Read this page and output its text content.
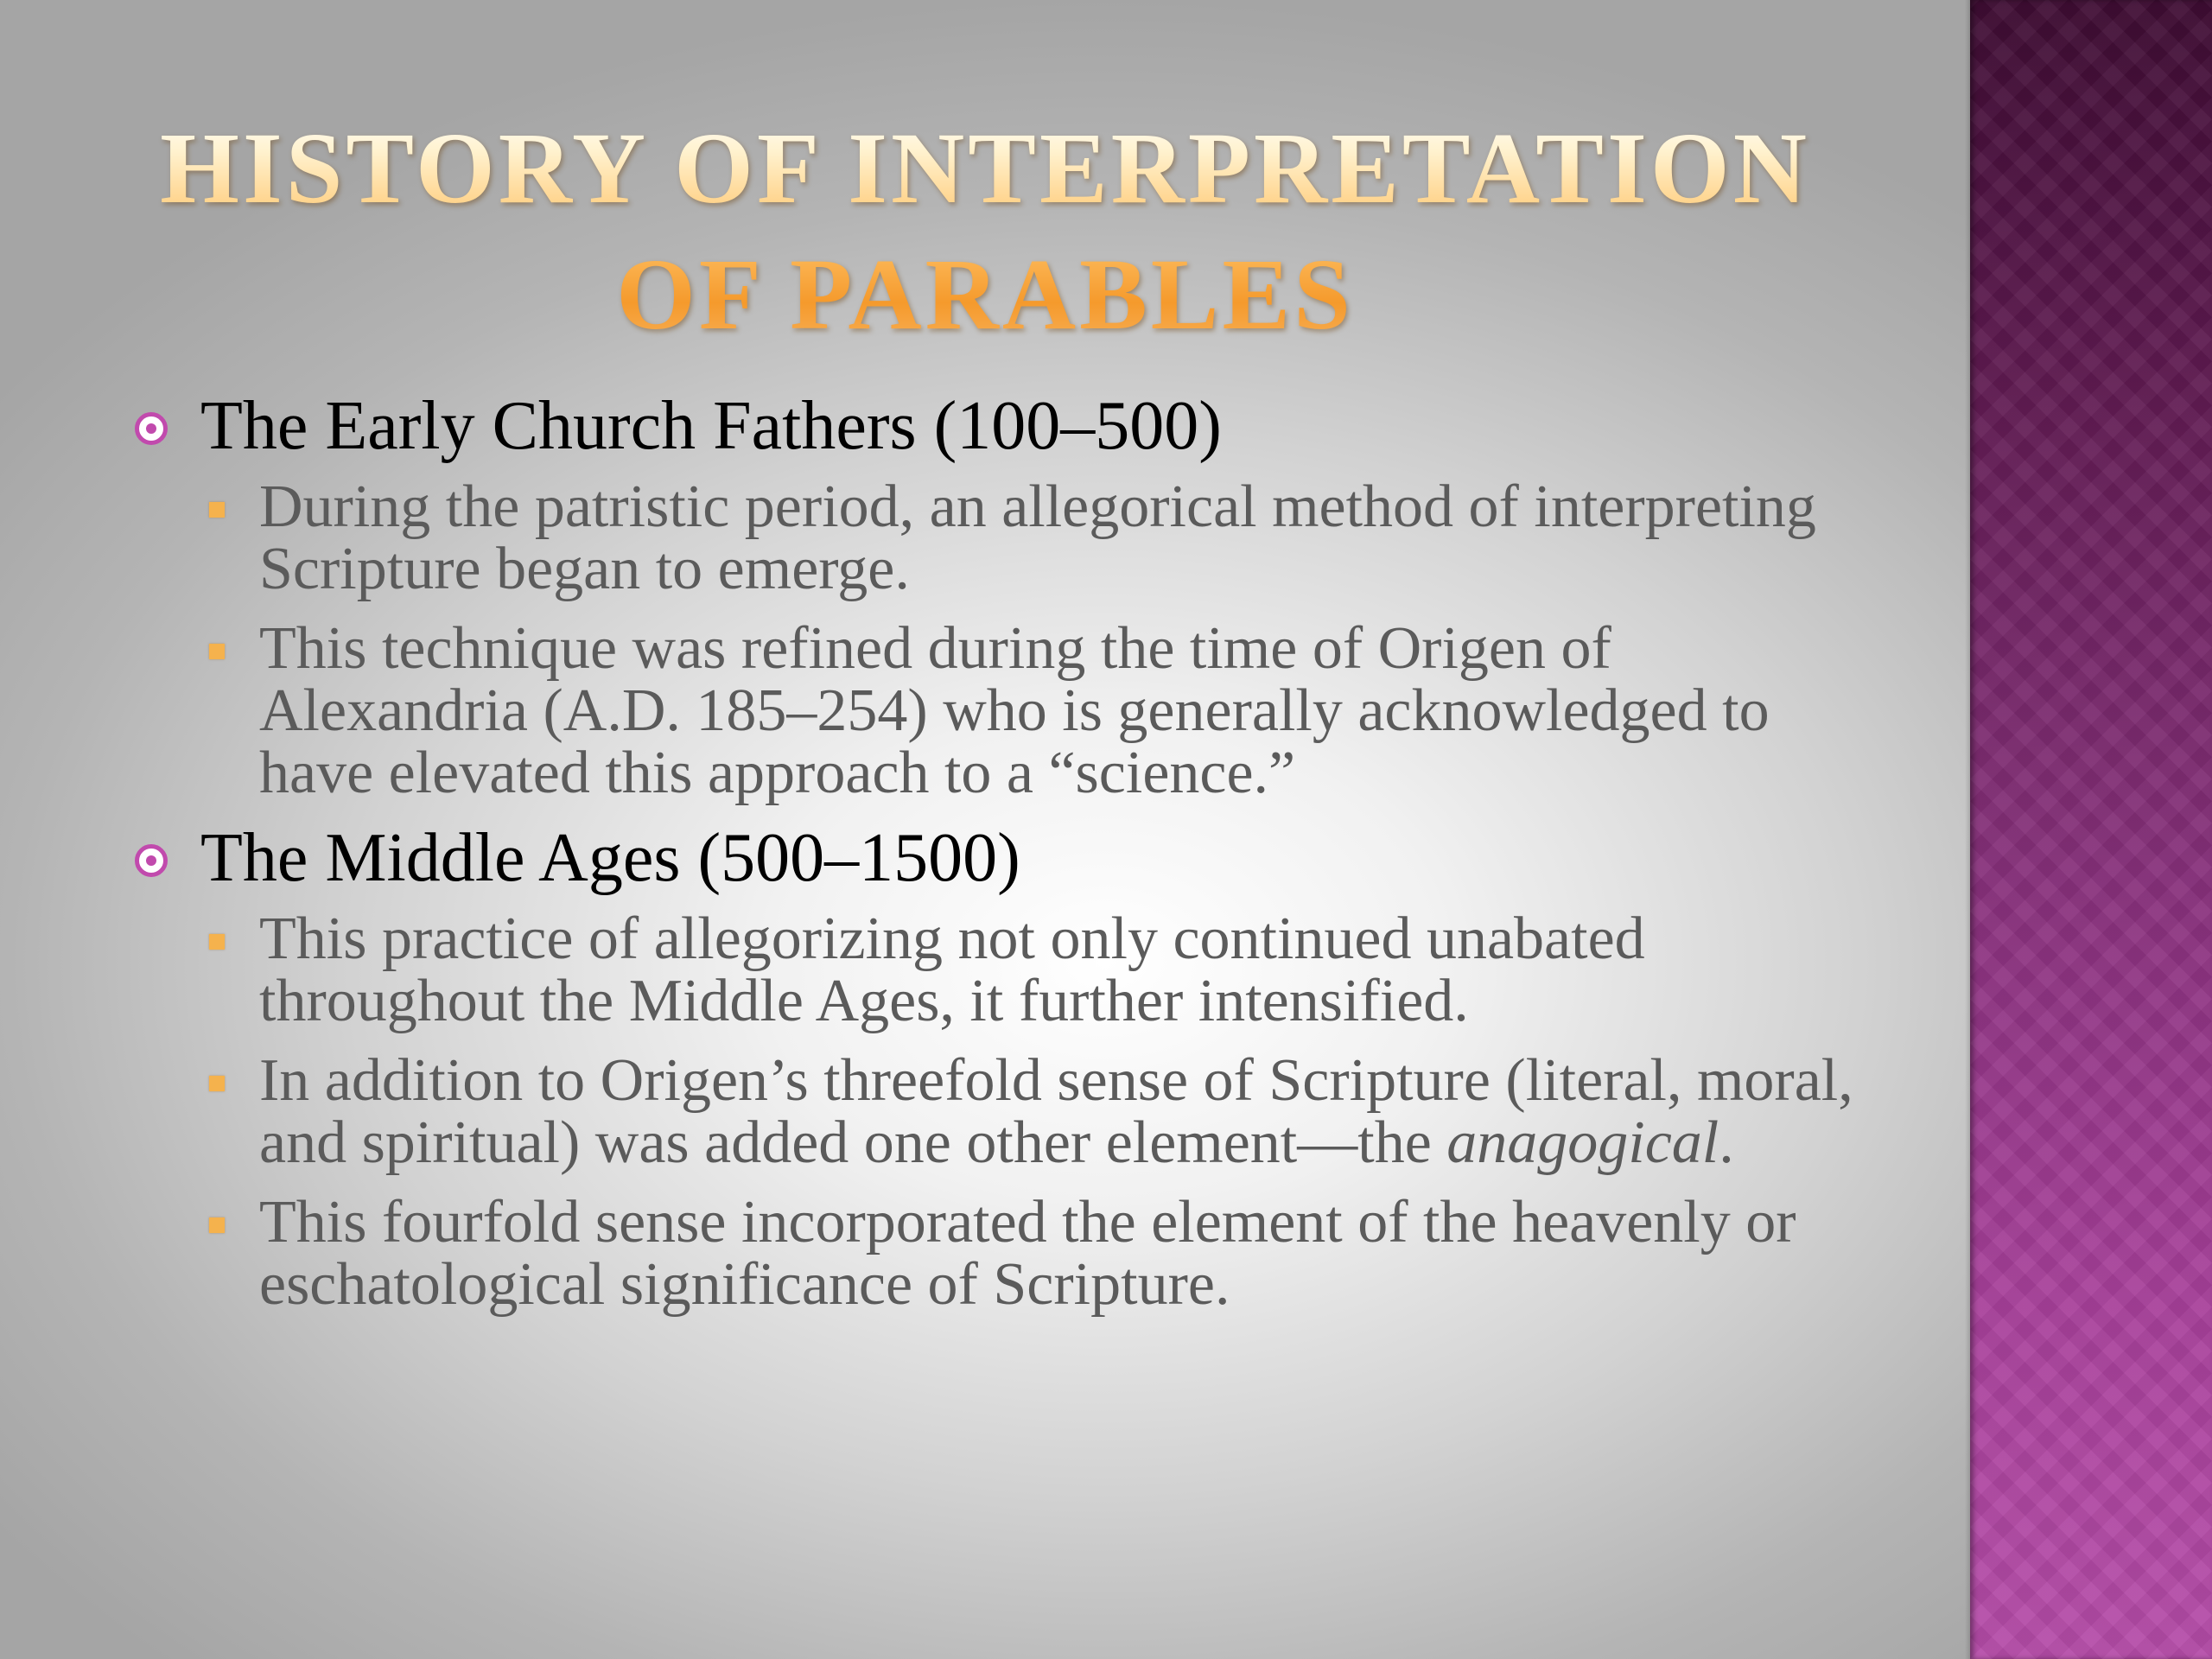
HISTORY OF INTERPRETATION
OF PARABLES
The Early Church Fathers (100–500)
During the patristic period, an allegorical method of interpreting Scripture began to emerge.
This technique was refined during the time of Origen of Alexandria (A.D. 185–254) who is generally acknowledged to have elevated this approach to a “science.”
The Middle Ages (500–1500)
This practice of allegorizing not only continued unabated throughout the Middle Ages, it further intensified.
In addition to Origen’s threefold sense of Scripture (literal, moral, and spiritual) was added one other element—the anagogical.
This fourfold sense incorporated the element of the heavenly or eschatological significance of Scripture.
